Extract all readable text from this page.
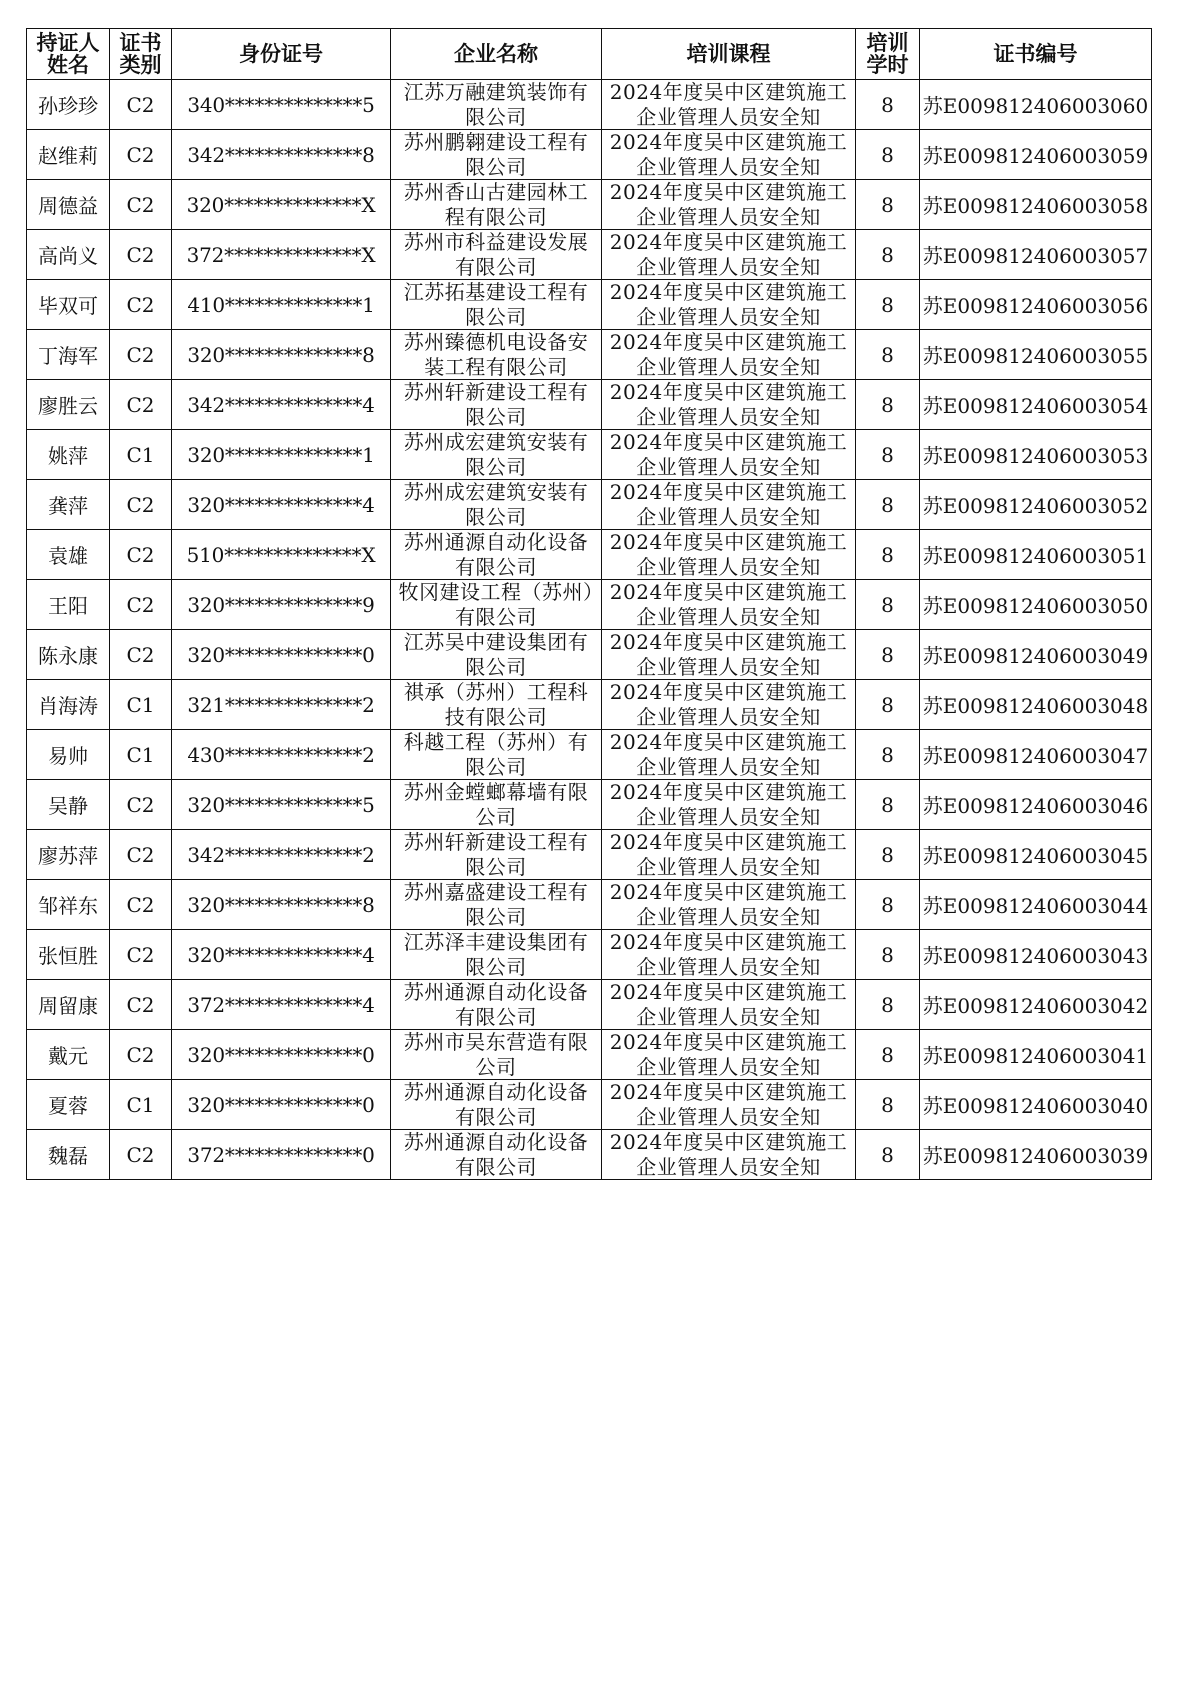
持证人姓名	证书类别	身份证号	企业名称	培训课程	培训学时	证书编号
孙珍珍	C2	340**************5	江苏万融建筑装饰有限公司	2024年度吴中区建筑施工企业管理人员安全知	8	苏E009812406003060
赵维莉	C2	342**************8	苏州鹏翱建设工程有限公司	2024年度吴中区建筑施工企业管理人员安全知	8	苏E009812406003059
周德益	C2	320**************X	苏州香山古建园林工程有限公司	2024年度吴中区建筑施工企业管理人员安全知	8	苏E009812406003058
高尚义	C2	372**************X	苏州市科益建设发展有限公司	2024年度吴中区建筑施工企业管理人员安全知	8	苏E009812406003057
毕双可	C2	410**************1	江苏拓基建设工程有限公司	2024年度吴中区建筑施工企业管理人员安全知	8	苏E009812406003056
丁海军	C2	320**************8	苏州臻德机电设备安装工程有限公司	2024年度吴中区建筑施工企业管理人员安全知	8	苏E009812406003055
廖胜云	C2	342**************4	苏州轩新建设工程有限公司	2024年度吴中区建筑施工企业管理人员安全知	8	苏E009812406003054
姚萍	C1	320**************1	苏州成宏建筑安装有限公司	2024年度吴中区建筑施工企业管理人员安全知	8	苏E009812406003053
龚萍	C2	320**************4	苏州成宏建筑安装有限公司	2024年度吴中区建筑施工企业管理人员安全知	8	苏E009812406003052
袁雄	C2	510**************X	苏州通源自动化设备有限公司	2024年度吴中区建筑施工企业管理人员安全知	8	苏E009812406003051
王阳	C2	320**************9	牧冈建设工程（苏州）有限公司	2024年度吴中区建筑施工企业管理人员安全知	8	苏E009812406003050
陈永康	C2	320**************0	江苏吴中建设集团有限公司	2024年度吴中区建筑施工企业管理人员安全知	8	苏E009812406003049
肖海涛	C1	321**************2	祺承（苏州）工程科技有限公司	2024年度吴中区建筑施工企业管理人员安全知	8	苏E009812406003048
易帅	C1	430**************2	科越工程（苏州）有限公司	2024年度吴中区建筑施工企业管理人员安全知	8	苏E009812406003047
吴静	C2	320**************5	苏州金螳螂幕墙有限公司	2024年度吴中区建筑施工企业管理人员安全知	8	苏E009812406003046
廖苏萍	C2	342**************2	苏州轩新建设工程有限公司	2024年度吴中区建筑施工企业管理人员安全知	8	苏E009812406003045
邹祥东	C2	320**************8	苏州嘉盛建设工程有限公司	2024年度吴中区建筑施工企业管理人员安全知	8	苏E009812406003044
张恒胜	C2	320**************4	江苏泽丰建设集团有限公司	2024年度吴中区建筑施工企业管理人员安全知	8	苏E009812406003043
周留康	C2	372**************4	苏州通源自动化设备有限公司	2024年度吴中区建筑施工企业管理人员安全知	8	苏E009812406003042
戴元	C2	320**************0	苏州市吴东营造有限公司	2024年度吴中区建筑施工企业管理人员安全知	8	苏E009812406003041
夏蓉	C1	320**************0	苏州通源自动化设备有限公司	2024年度吴中区建筑施工企业管理人员安全知	8	苏E009812406003040
魏磊	C2	372**************0	苏州通源自动化设备有限公司	2024年度吴中区建筑施工企业管理人员安全知	8	苏E009812406003039
